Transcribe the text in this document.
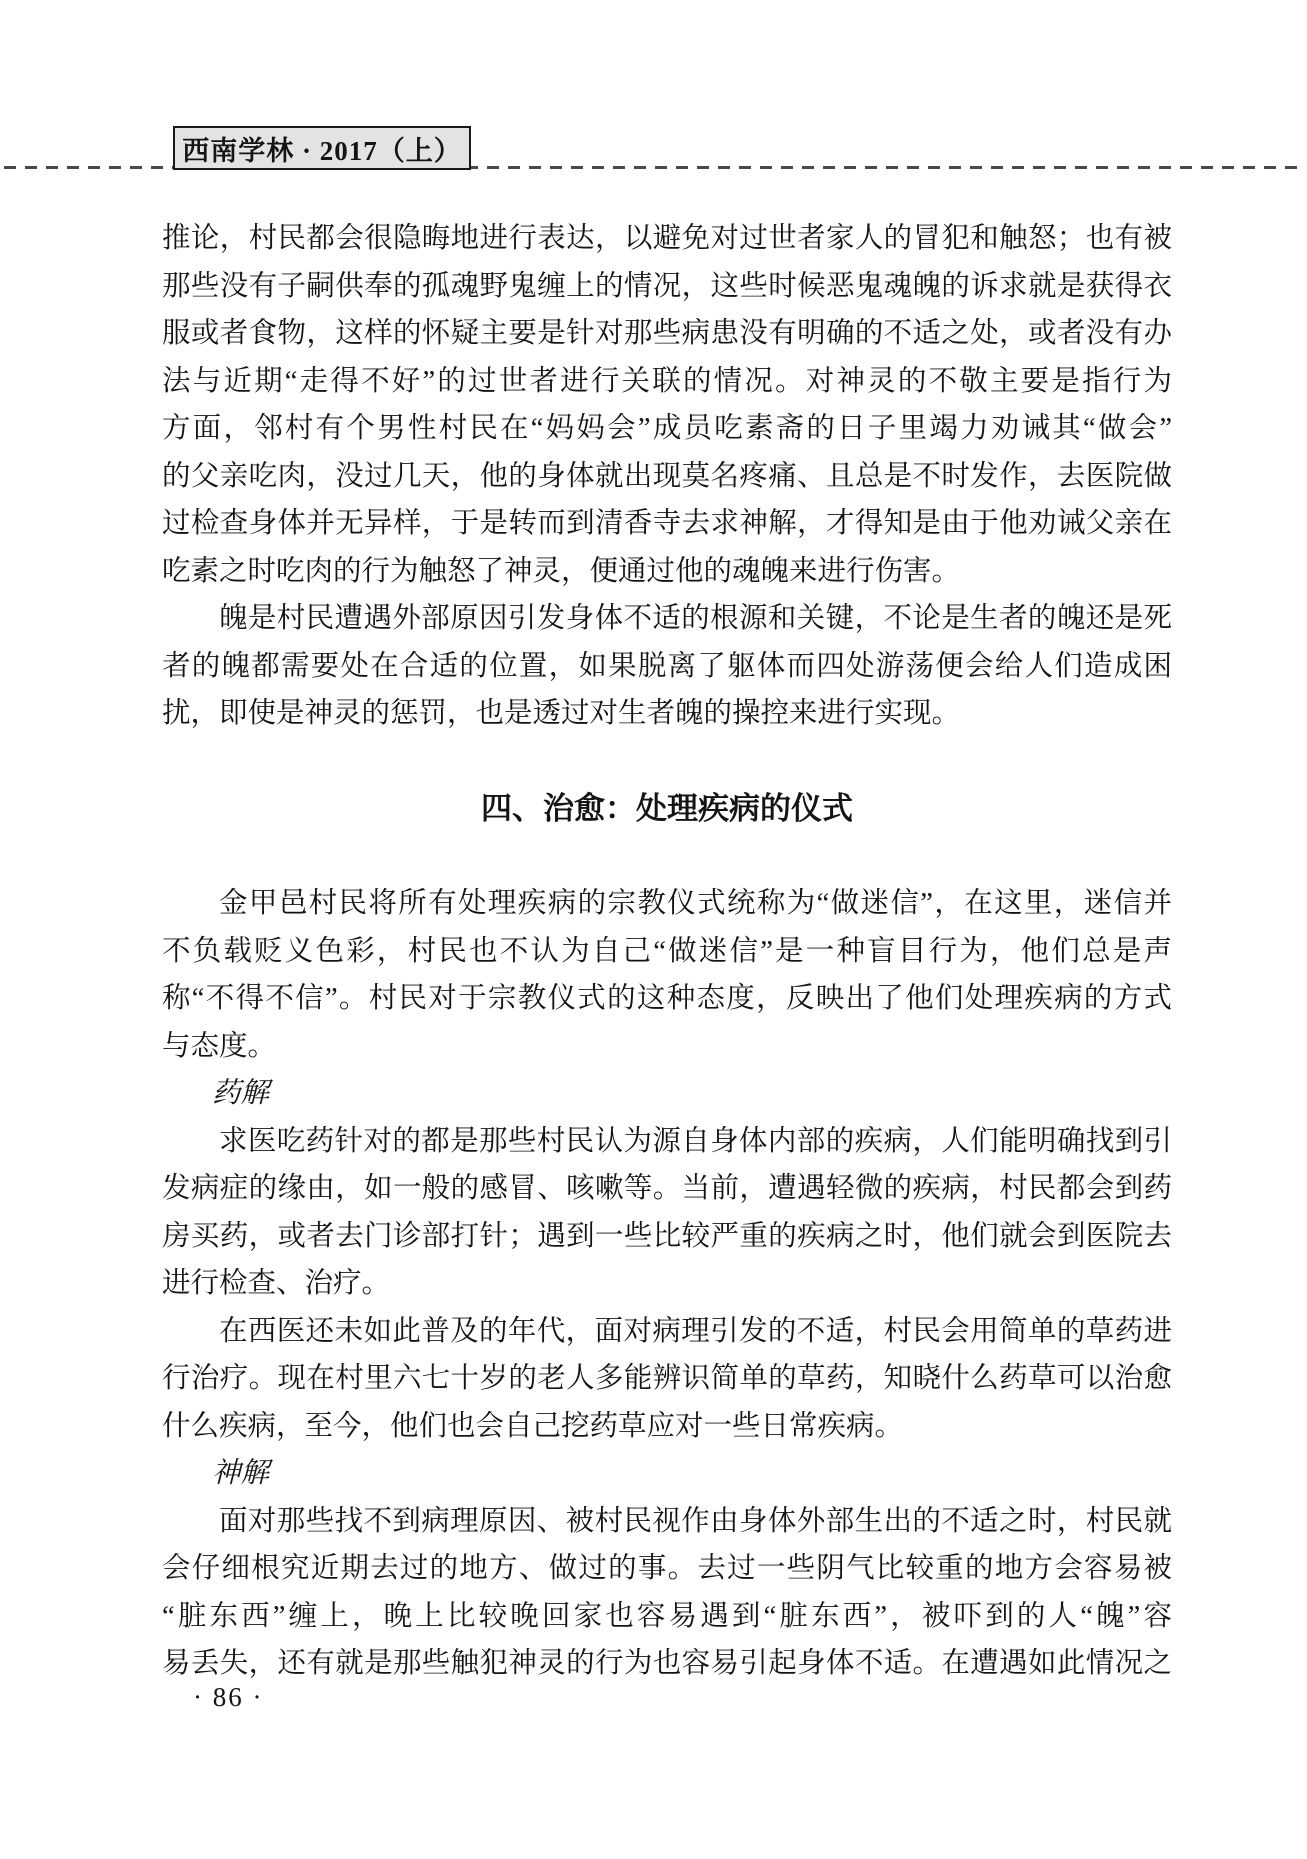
西南学林 · 2017（上）
推论，村民都会很隐晦地进行表达，以避免对过世者家人的冒犯和触怒；也有被
那些没有子嗣供奉的孤魂野鬼缠上的情况，这些时候恶鬼魂魄的诉求就是获得衣
服或者食物，这样的怀疑主要是针对那些病患没有明确的不适之处，或者没有办
法与近期“走得不好”的过世者进行关联的情况。对神灵的不敬主要是指行为
方面，邻村有个男性村民在“妈妈会”成员吃素斋的日子里竭力劝诫其“做会”
的父亲吃肉，没过几天，他的身体就出现莫名疼痛、且总是不时发作，去医院做
过检查身体并无异样，于是转而到清香寺去求神解，才得知是由于他劝诫父亲在
吃素之时吃肉的行为触怒了神灵，便通过他的魂魄来进行伤害。
魄是村民遭遇外部原因引发身体不适的根源和关键，不论是生者的魄还是死
者的魄都需要处在合适的位置，如果脱离了躯体而四处游荡便会给人们造成困
扰，即使是神灵的惩罚，也是透过对生者魄的操控来进行实现。
四、治愈：处理疾病的仪式
金甲邑村民将所有处理疾病的宗教仪式统称为“做迷信”，在这里，迷信并
不负载贬义色彩，村民也不认为自己“做迷信”是一种盲目行为，他们总是声
称“不得不信”。村民对于宗教仪式的这种态度，反映出了他们处理疾病的方式
与态度。
药解
求医吃药针对的都是那些村民认为源自身体内部的疾病，人们能明确找到引
发病症的缘由，如一般的感冒、咳嗽等。当前，遭遇轻微的疾病，村民都会到药
房买药，或者去门诊部打针；遇到一些比较严重的疾病之时，他们就会到医院去
进行检查、治疗。
在西医还未如此普及的年代，面对病理引发的不适，村民会用简单的草药进
行治疗。现在村里六七十岁的老人多能辨识简单的草药，知晓什么药草可以治愈
什么疾病，至今，他们也会自己挖药草应对一些日常疾病。
神解
面对那些找不到病理原因、被村民视作由身体外部生出的不适之时，村民就
会仔细根究近期去过的地方、做过的事。去过一些阴气比较重的地方会容易被
“脏东西”缠上，晚上比较晚回家也容易遇到“脏东西”，被吓到的人“魄”容
易丢失，还有就是那些触犯神灵的行为也容易引起身体不适。在遭遇如此情况之
· 86 ·
